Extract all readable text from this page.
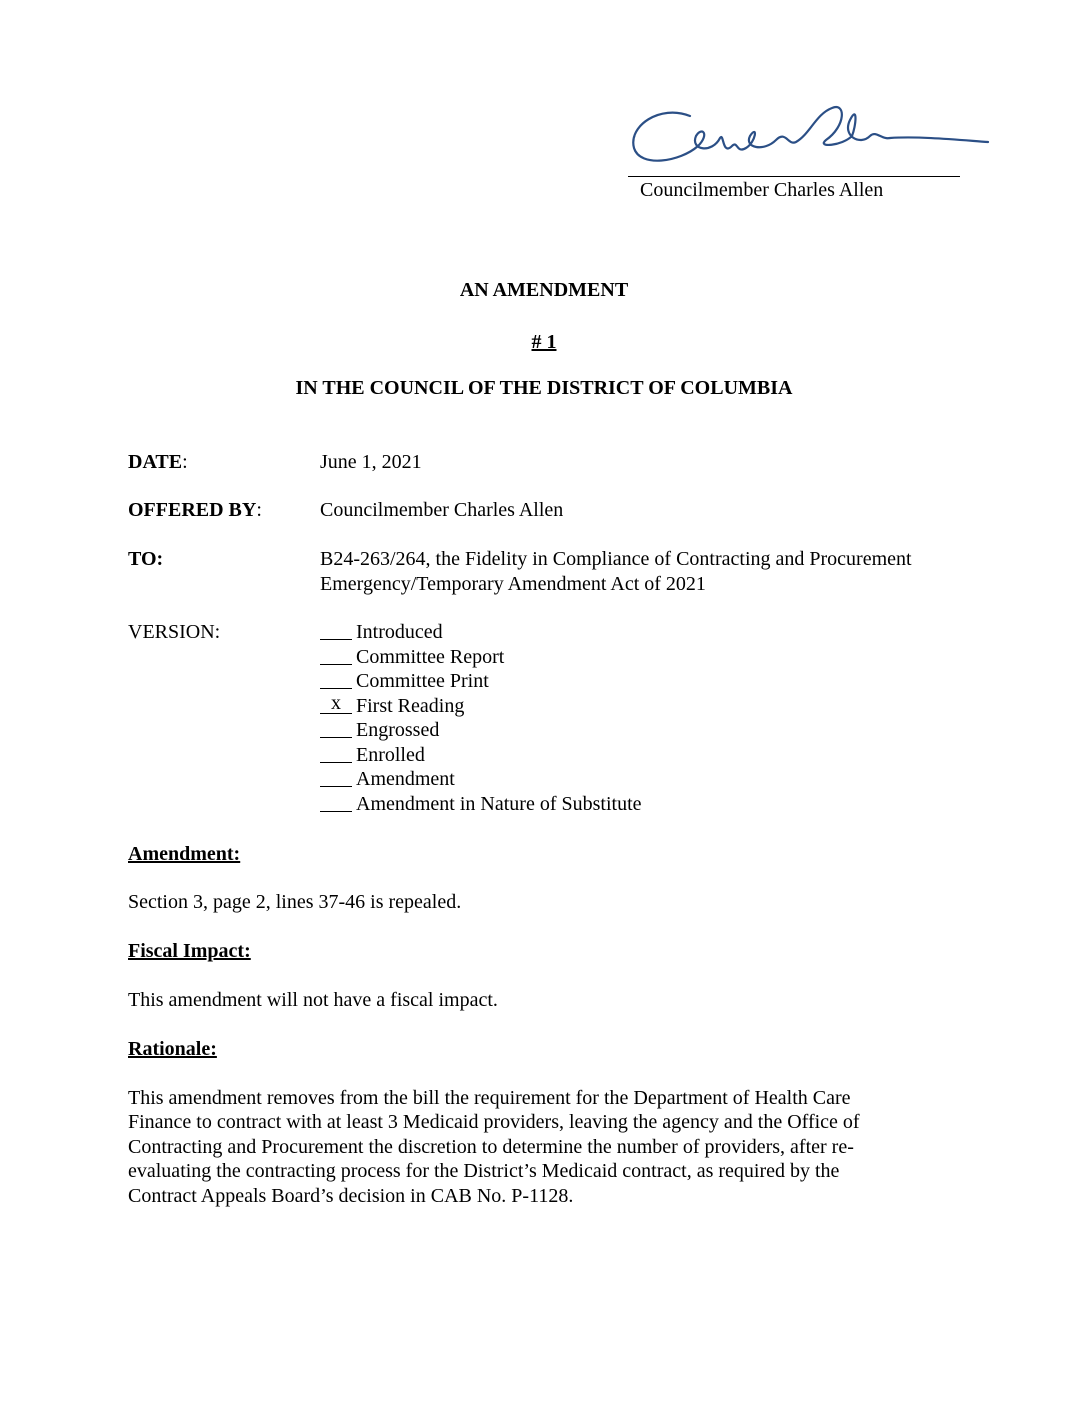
Councilmember Charles Allen
AN AMENDMENT
# 1
IN THE COUNCIL OF THE DISTRICT OF COLUMBIA
DATE:	June 1, 2021
OFFERED BY:	Councilmember Charles Allen
TO:	B24-263/264, the Fidelity in Compliance of Contracting and Procurement
Emergency/Temporary Amendment Act of 2021
VERSION:	Introduced
Committee Report
Committee Print
x First Reading
Engrossed
Enrolled
Amendment
Amendment in Nature of Substitute
Amendment:
Section 3, page 2, lines 37-46 is repealed.
Fiscal Impact:
This amendment will not have a fiscal impact.
Rationale:
This amendment removes from the bill the requirement for the Department of Health Care
Finance to contract with at least 3 Medicaid providers, leaving the agency and the Office of
Contracting and Procurement the discretion to determine the number of providers, after re-
evaluating the contracting process for the District’s Medicaid contract, as required by the
Contract Appeals Board’s decision in CAB No. P-1128.
